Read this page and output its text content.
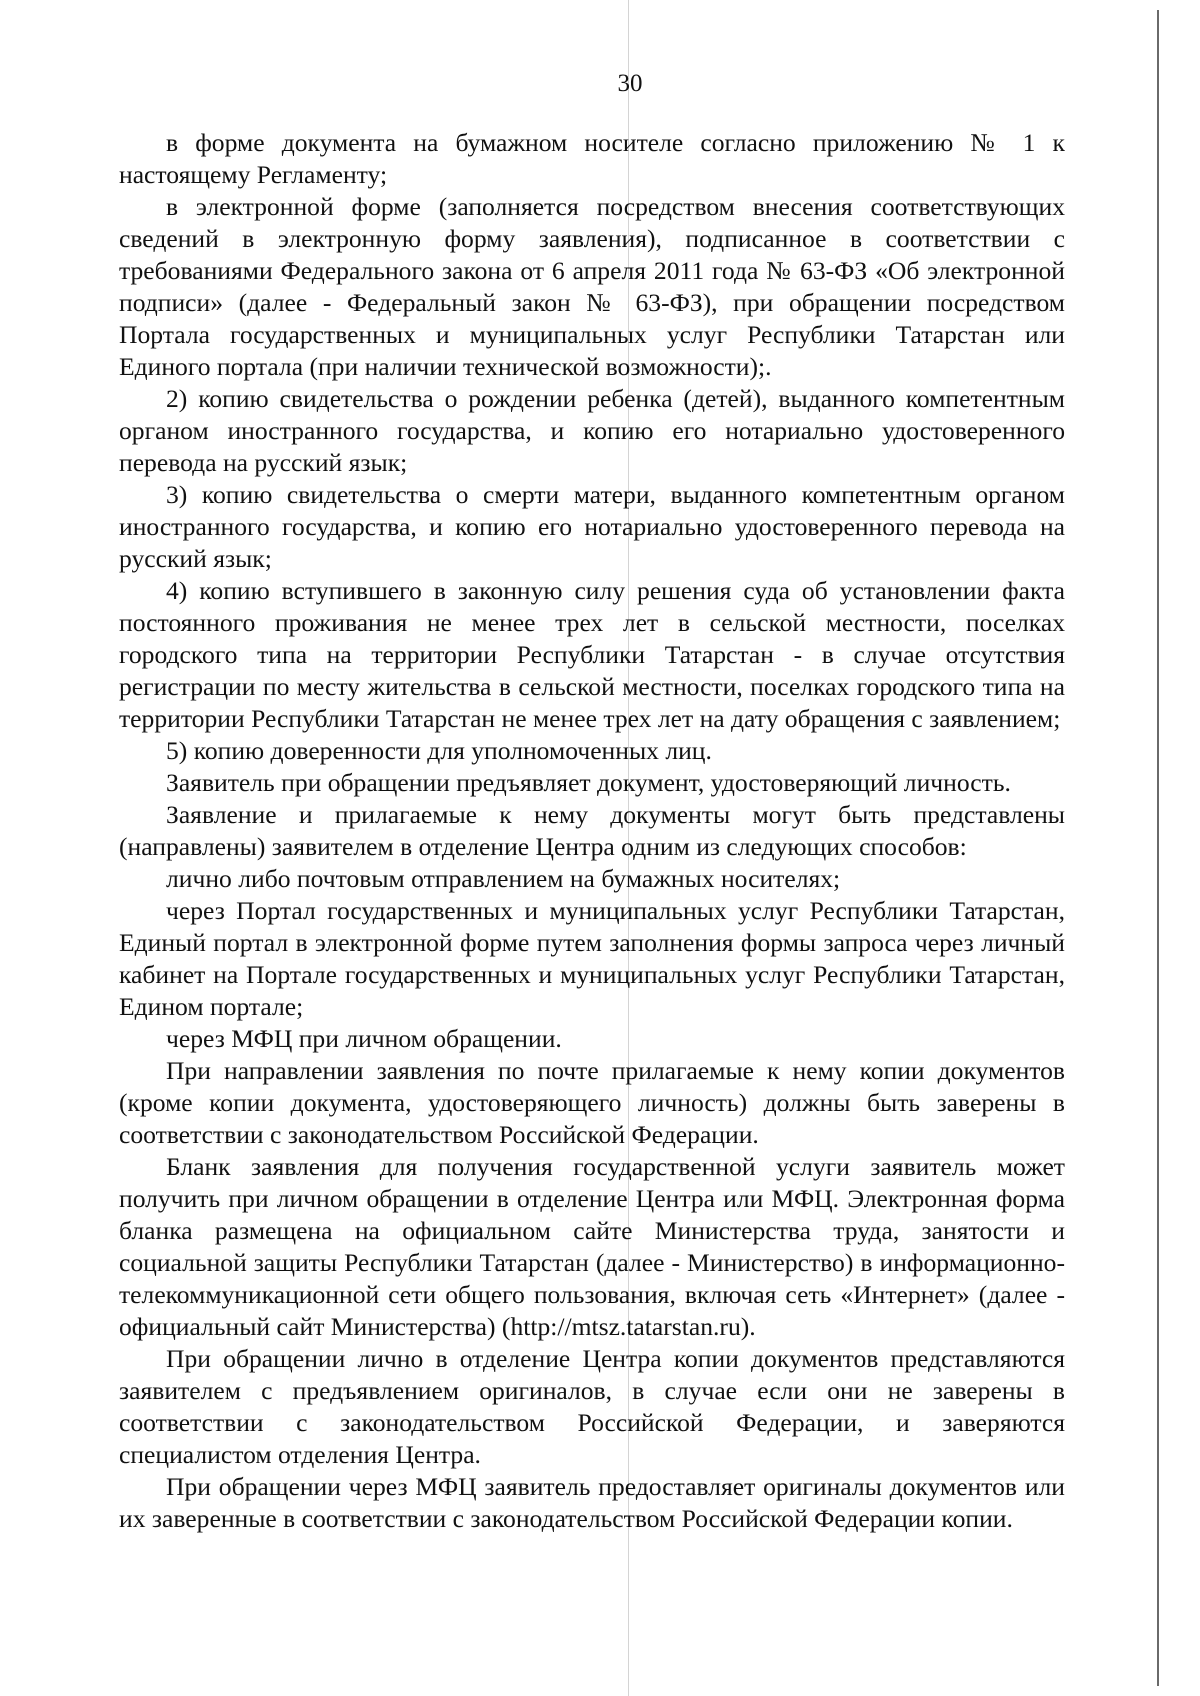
30

в форме документа на бумажном носителе согласно приложению № 1 к настоящему Регламенту;

в электронной форме (заполняется посредством внесения соответствующих сведений в электронную форму заявления), подписанное в соответствии с требованиями Федерального закона от 6 апреля 2011 года № 63-ФЗ «Об электронной подписи» (далее - Федеральный закон № 63-ФЗ), при обращении посредством Портала государственных и муниципальных услуг Республики Татарстан или Единого портала (при наличии технической возможности);.

2) копию свидетельства о рождении ребенка (детей), выданного компетентным органом иностранного государства, и копию его нотариально удостоверенного перевода на русский язык;

3) копию свидетельства о смерти матери, выданного компетентным органом иностранного государства, и копию его нотариально удостоверенного перевода на русский язык;

4) копию вступившего в законную силу решения суда об установлении факта постоянного проживания не менее трех лет в сельской местности, поселках городского типа на территории Республики Татарстан - в случае отсутствия регистрации по месту жительства в сельской местности, поселках городского типа на территории Республики Татарстан не менее трех лет на дату обращения с заявлением;

5) копию доверенности для уполномоченных лиц.

Заявитель при обращении предъявляет документ, удостоверяющий личность.

Заявление и прилагаемые к нему документы могут быть представлены (направлены) заявителем в отделение Центра одним из следующих способов:

лично либо почтовым отправлением на бумажных носителях;

через Портал государственных и муниципальных услуг Республики Татарстан, Единый портал в электронной форме путем заполнения формы запроса через личный кабинет на Портале государственных и муниципальных услуг Республики Татарстан, Едином портале;

через МФЦ при личном обращении.

При направлении заявления по почте прилагаемые к нему копии документов (кроме копии документа, удостоверяющего личность) должны быть заверены в соответствии с законодательством Российской Федерации.

Бланк заявления для получения государственной услуги заявитель может получить при личном обращении в отделение Центра или МФЦ. Электронная форма бланка размещена на официальном сайте Министерства труда, занятости и социальной защиты Республики Татарстан (далее - Министерство) в информационно-телекоммуникационной сети общего пользования, включая сеть «Интернет» (далее - официальный сайт Министерства) (http://mtsz.tatarstan.ru).

При обращении лично в отделение Центра копии документов представляются заявителем с предъявлением оригиналов, в случае если они не заверены в соответствии с законодательством Российской Федерации, и заверяются специалистом отделения Центра.

При обращении через МФЦ заявитель предоставляет оригиналы документов или их заверенные в соответствии с законодательством Российской Федерации копии.
